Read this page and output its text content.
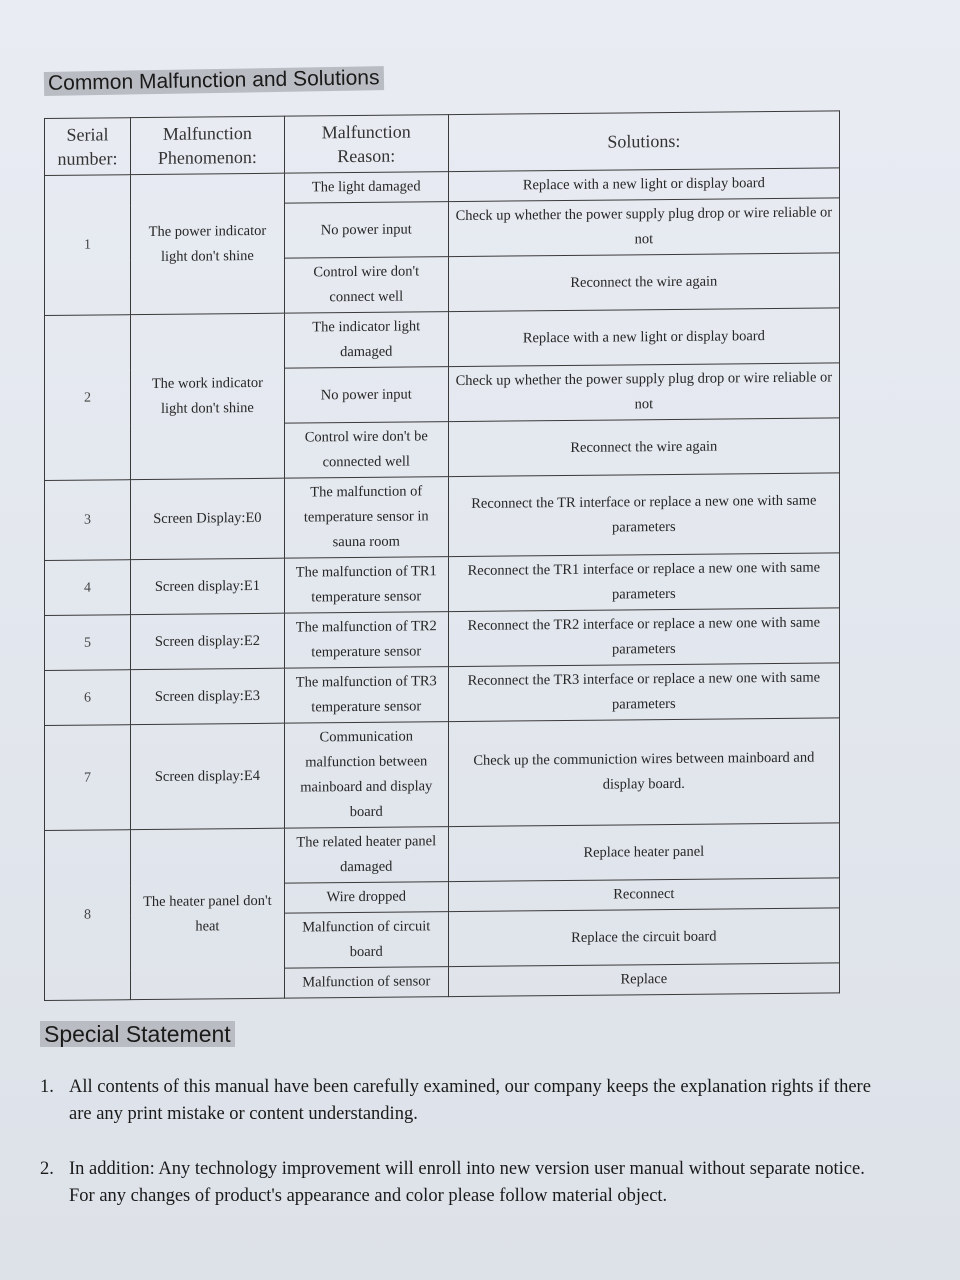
Common Malfunction and Solutions
Serial number:	Malfunction Phenomenon:	Malfunction Reason:	Solutions:
1	The power indicator light don't shine	The light damaged	Replace with a new light or display board
		No power input	Check up whether the power supply plug drop or wire reliable or not
		Control wire don't connect well	Reconnect the wire again
2	The work indicator light don't shine	The indicator light damaged	Replace with a new light or display board
		No power input	Check up whether the power supply plug drop or wire reliable or not
		Control wire don't be connected well	Reconnect the wire again
3	Screen Display:E0	The malfunction of temperature sensor in sauna room	Reconnect the TR interface or replace a new one with same parameters
4	Screen display:E1	The malfunction of TR1 temperature sensor	Reconnect the TR1 interface or replace a new one with same parameters
5	Screen display:E2	The malfunction of TR2 temperature sensor	Reconnect the TR2 interface or replace a new one with same parameters
6	Screen display:E3	The malfunction of TR3 temperature sensor	Reconnect the TR3 interface or replace a new one with same parameters
7	Screen display:E4	Communication malfunction between mainboard and display board	Check up the communiction wires between mainboard and display board.
8	The heater panel don't heat	The related heater panel damaged	Replace heater panel
		Wire dropped	Reconnect
		Malfunction of circuit board	Replace the circuit board
		Malfunction of sensor	Replace
Special Statement
1. All contents of this manual have been carefully examined, our company keeps the explanation rights if there are any print mistake or content understanding.
2. In addition: Any technology improvement will enroll into new version user manual without separate notice. For any changes of product's appearance and color please follow material object.
